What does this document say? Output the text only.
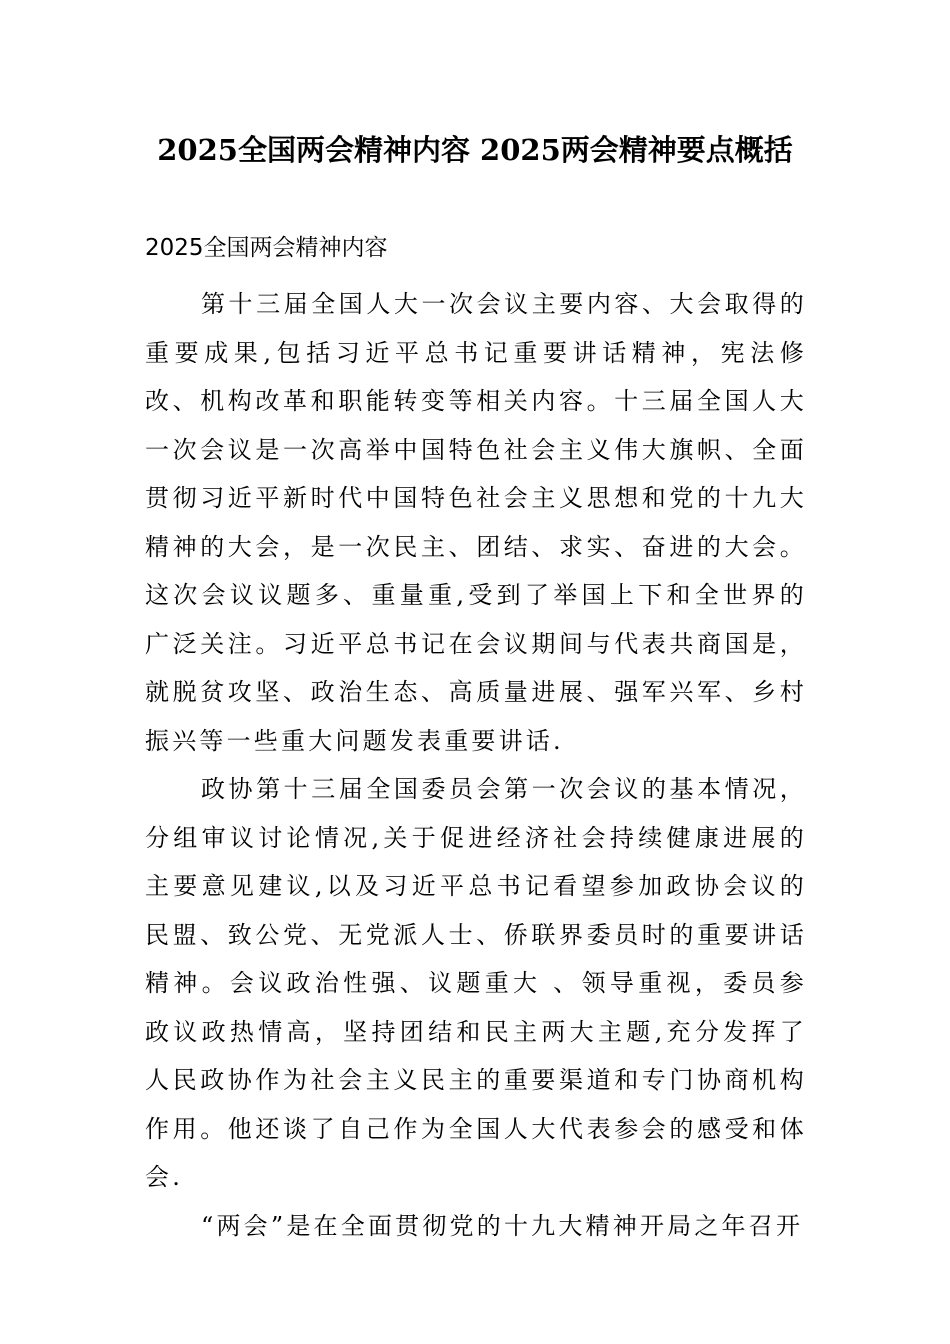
2025全国两会精神内容 2025两会精神要点概括
2025全国两会精神内容

第十三届全国人大一次会议主要内容、大会取得的重要成果,包括习近平总书记重要讲话精神，宪法修改、机构改革和职能转变等相关内容。十三届全国人大一次会议是一次高举中国特色社会主义伟大旗帜、全面贯彻习近平新时代中国特色社会主义思想和党的十九大精神的大会，是一次民主、团结、求实、奋进的大会。这次会议议题多、重量重,受到了举国上下和全世界的广泛关注。习近平总书记在会议期间与代表共商国是，就脱贫攻坚、政治生态、高质量进展、强军兴军、乡村振兴等一些重大问题发表重要讲话.

政协第十三届全国委员会第一次会议的基本情况，分组审议讨论情况,关于促进经济社会持续健康进展的主要意见建议,以及习近平总书记看望参加政协会议的民盟、致公党、无党派人士、侨联界委员时的重要讲话精神。会议政治性强、议题重大 、领导重视，委员参政议政热情高，坚持团结和民主两大主题,充分发挥了人民政协作为社会主义民主的重要渠道和专门协商机构作用。他还谈了自己作为全国人大代表参会的感受和体会.

“两会”是在全面贯彻党的十九大精神开局之年召开
